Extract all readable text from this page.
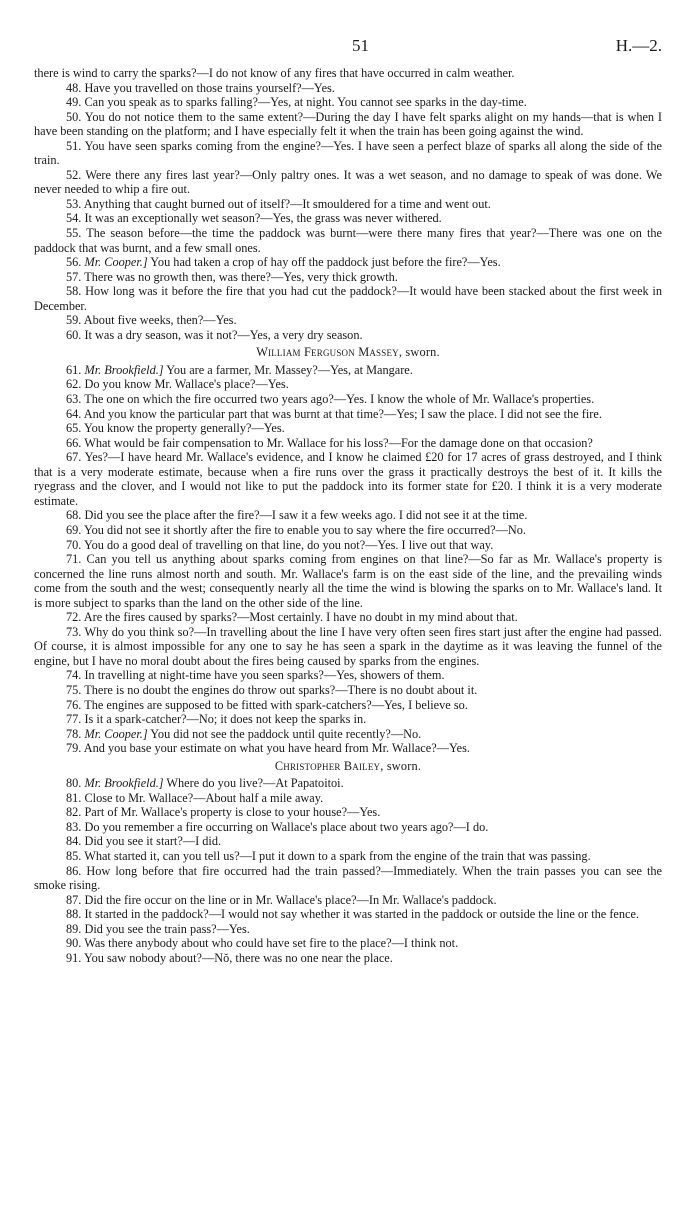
51	H.—2.

there is wind to carry the sparks?—I do not know of any fires that have occurred in calm weather.

48. Have you travelled on those trains yourself?—Yes.

49. Can you speak as to sparks falling?—Yes, at night. You cannot see sparks in the day-time.

50. You do not notice them to the same extent?—During the day I have felt sparks alight on my hands—that is when I have been standing on the platform; and I have especially felt it when the train has been going against the wind.

51. You have seen sparks coming from the engine?—Yes. I have seen a perfect blaze of sparks all along the side of the train.

52. Were there any fires last year?—Only paltry ones. It was a wet season, and no damage to speak of was done. We never needed to whip a fire out.

53. Anything that caught burned out of itself?—It smouldered for a time and went out.

54. It was an exceptionally wet season?—Yes, the grass was never withered.

55. The season before—the time the paddock was burnt—were there many fires that year?—There was one on the paddock that was burnt, and a few small ones.

56. Mr. Cooper.] You had taken a crop of hay off the paddock just before the fire?—Yes.

57. There was no growth then, was there?—Yes, very thick growth.

58. How long was it before the fire that you had cut the paddock?—It would have been stacked about the first week in December.

59. About five weeks, then?—Yes.

60. It was a dry season, was it not?—Yes, a very dry season.

William Ferguson Massey, sworn.

61. Mr. Brookfield.] You are a farmer, Mr. Massey?—Yes, at Mangare.

62. Do you know Mr. Wallace's place?—Yes.

63. The one on which the fire occurred two years ago?—Yes. I know the whole of Mr. Wallace's properties.

64. And you know the particular part that was burnt at that time?—Yes; I saw the place. I did not see the fire.

65. You know the property generally?—Yes.

66. What would be fair compensation to Mr. Wallace for his loss?—For the damage done on that occasion?

67. Yes?—I have heard Mr. Wallace's evidence, and I know he claimed £20 for 17 acres of grass destroyed, and I think that is a very moderate estimate, because when a fire runs over the grass it practically destroys the best of it. It kills the ryegrass and the clover, and I would not like to put the paddock into its former state for £20. I think it is a very moderate estimate.

68. Did you see the place after the fire?—I saw it a few weeks ago. I did not see it at the time.

69. You did not see it shortly after the fire to enable you to say where the fire occurred?—No.

70. You do a good deal of travelling on that line, do you not?—Yes. I live out that way.

71. Can you tell us anything about sparks coming from engines on that line?—So far as Mr. Wallace's property is concerned the line runs almost north and south. Mr. Wallace's farm is on the east side of the line, and the prevailing winds come from the south and the west; consequently nearly all the time the wind is blowing the sparks on to Mr. Wallace's land. It is more subject to sparks than the land on the other side of the line.

72. Are the fires caused by sparks?—Most certainly. I have no doubt in my mind about that.

73. Why do you think so?—In travelling about the line I have very often seen fires start just after the engine had passed. Of course, it is almost impossible for any one to say he has seen a spark in the daytime as it was leaving the funnel of the engine, but I have no moral doubt about the fires being caused by sparks from the engines.

74. In travelling at night-time have you seen sparks?—Yes, showers of them.

75. There is no doubt the engines do throw out sparks?—There is no doubt about it.

76. The engines are supposed to be fitted with spark-catchers?—Yes, I believe so.

77. Is it a spark-catcher?—No; it does not keep the sparks in.

78. Mr. Cooper.] You did not see the paddock until quite recently?—No.

79. And you base your estimate on what you have heard from Mr. Wallace?—Yes.

Christopher Bailey, sworn.

80. Mr. Brookfield.] Where do you live?—At Papatoitoi.

81. Close to Mr. Wallace?—About half a mile away.

82. Part of Mr. Wallace's property is close to your house?—Yes.

83. Do you remember a fire occurring on Wallace's place about two years ago?—I do.

84. Did you see it start?—I did.

85. What started it, can you tell us?—I put it down to a spark from the engine of the train that was passing.

86. How long before that fire occurred had the train passed?—Immediately. When the train passes you can see the smoke rising.

87. Did the fire occur on the line or in Mr. Wallace's place?—In Mr. Wallace's paddock.

88. It started in the paddock?—I would not say whether it was started in the paddock or outside the line or the fence.

89. Did you see the train pass?—Yes.

90. Was there anybody about who could have set fire to the place?—I think not.

91. You saw nobody about?—Nŏ, there was no one near the place.
